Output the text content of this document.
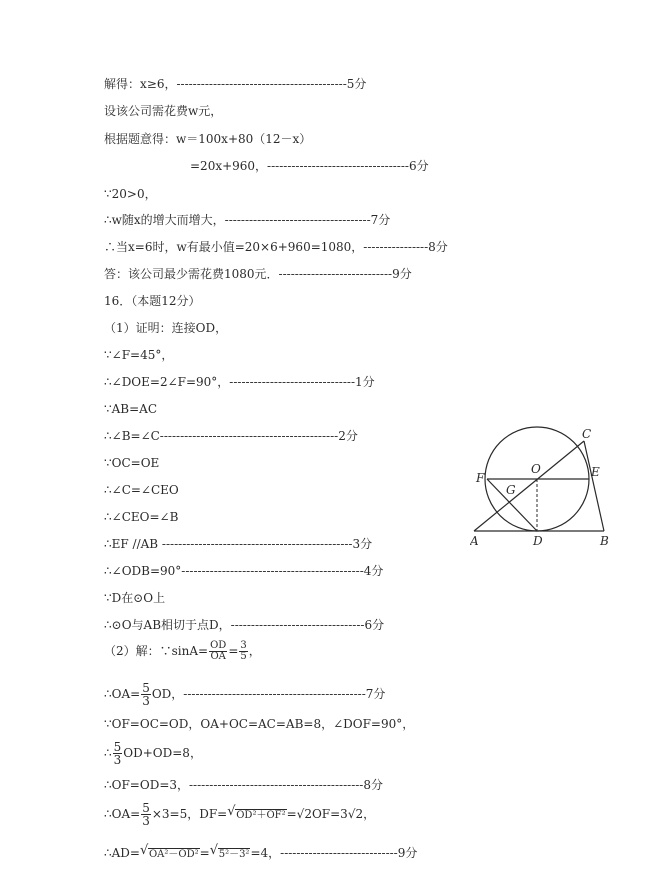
解得：x≥6，------------------------------------------5分
设该公司需花费w元，
根据题意得：w＝100x+80（12－x）
=20x+960，-----------------------------------6分
∵20>0，
∴w随x的增大而增大，------------------------------------7分
∴当x=6时，w有最小值=20×6+960=1080，----------------8分
答：该公司最少需花费1080元．----------------------------9分
16．（本题12分）
（1）证明：连接OD，
∵∠F=45°，
∴∠DOE=2∠F=90°，-------------------------------1分
∵AB=AC
∴∠B=∠C--------------------------------------------2分
∵OC=OE
∴∠C=∠CEO
∴∠CEO=∠B
∴EF //AB -----------------------------------------------3分
∴∠ODB=90°---------------------------------------------4分
∵D在⊙O上
∴⊙O与AB相切于点D，---------------------------------6分
（2）解：∵sinA= $\frac{OD}{OA} = \frac{3}{5}$ ，
∴OA= $\frac{5}{3}$ OD，---------------------------------------------7分
∵OF=OC=OD，OA+OC=AC=AB=8，∠DOF=90°，
∴ $\frac{5}{3} OD+OD=8$，
∴OF=OD=3，-------------------------------------------8分
∴OA= $\frac{5}{3} \times 3=5$，DF= √ OD²＋OF²=√2OF=3√2，
∴AD= √ OA²－OD²= √ 5²－3²=4，-----------------------------9分
C
E
O
F
G
A	D	B
